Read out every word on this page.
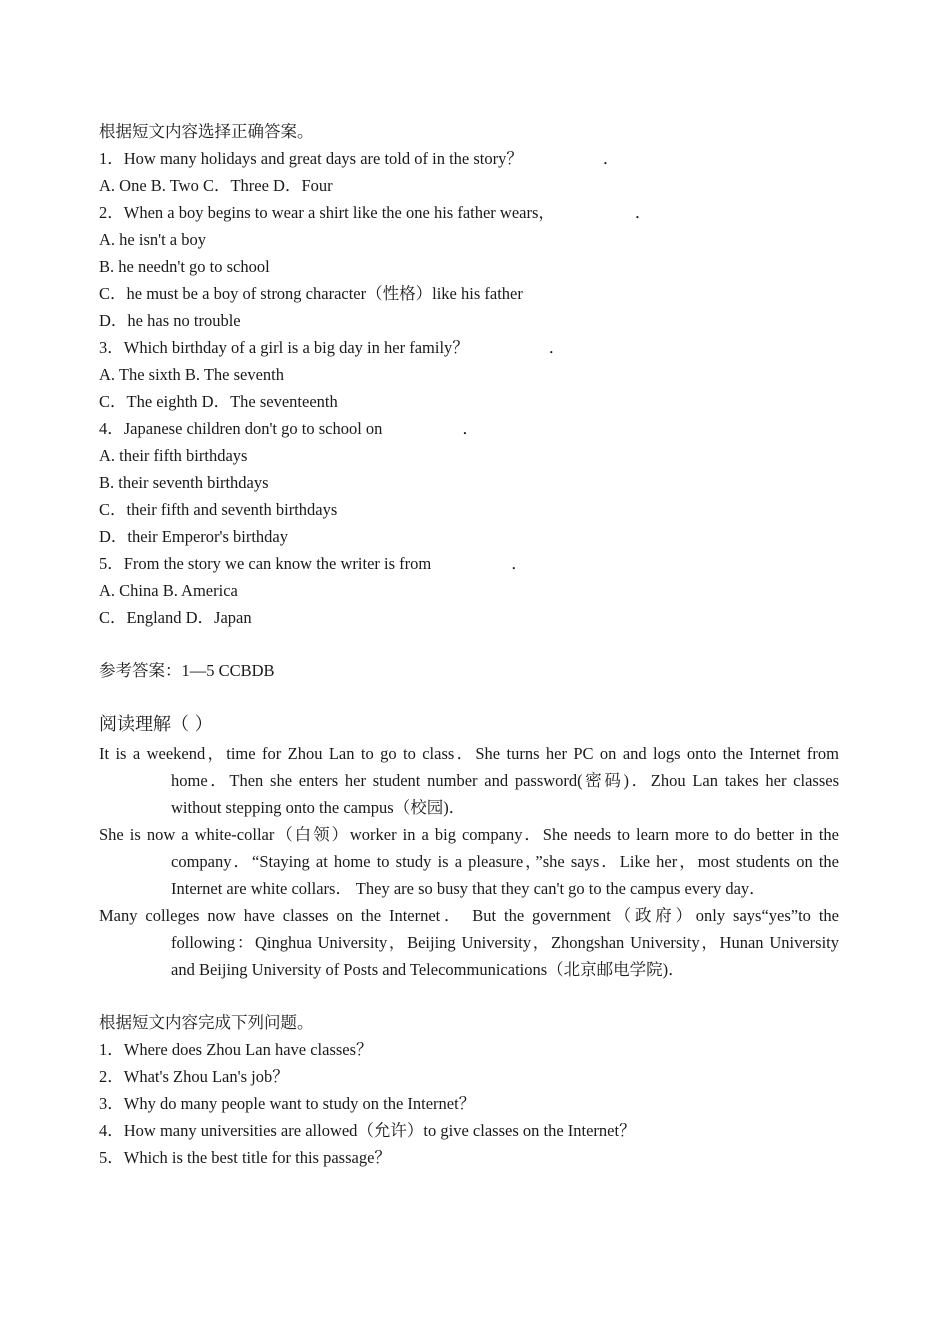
根据短文内容选择正确答案。
1．How many holidays and great days are told of in the story？	．
A. One B. Two C．Three D．Four
2．When a boy begins to wear a shirt like the one his father wears，	．
A. he isn't a boy
B. he needn't go to school
C．he must be a boy of strong character（性格）like his father
D．he has no trouble
3．Which birthday of a girl is a big day in her family？	．
A. The sixth B. The seventh
C．The eighth D．The seventeenth
4．Japanese children don't go to school on	．
A. their fifth birthdays
B. their seventh birthdays
C．their fifth and seventh birthdays
D．their Emperor's birthday
5．From the story we can know the writer is from	．
A. China B. America
C．England D．Japan
参考答案：1—5 CCBDB
阅读理解（ ）
It is a weekend，time for Zhou Lan to go to class．She turns her PC on and logs onto the Internet from home．Then she enters her student number and password(密码)．Zhou Lan takes her classes without stepping onto the campus（校园)．
She is now a white-collar（白领）worker in a big company．She needs to learn more to do better in the company．“Staying at home to study is a pleasure，”she says．Like her，most students on the Internet are white collars． They are so busy that they can't go to the campus every day．
Many colleges now have classes on the Internet． But the government（政府）only says“yes”to the following：Qinghua University，Beijing University，Zhongshan University，Hunan University and Beijing University of Posts and Telecommunications（北京邮电学院)．
根据短文内容完成下列问题。
1．Where does Zhou Lan have classes？
2．What's Zhou Lan's job？
3．Why do many people want to study on the Internet？
4．How many universities are allowed（允许）to give classes on the Internet？
5．Which is the best title for this passage？
